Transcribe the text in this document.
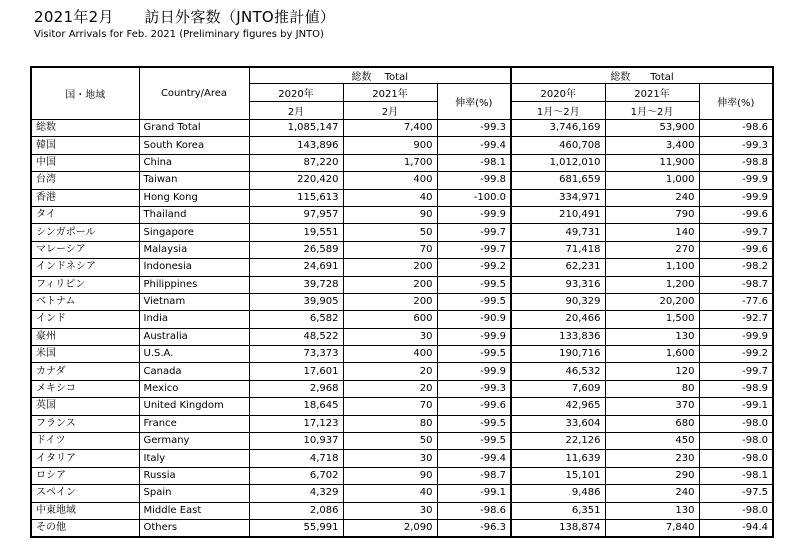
2021年2月　　訪日外客数（JNTO推計値）
Visitor Arrivals for Feb. 2021 (Preliminary figures by JNTO)
国・地域	Country/Area	総数　 Total			総数　　Total		
		2020年	2021年	伸率(%)	2020年	2021年	伸率(%)
		2月	2月		1月～2月	1月～2月	
総数	Grand Total	1,085,147	7,400	-99.3	3,746,169	53,900	-98.6
韓国	South Korea	143,896	900	-99.4	460,708	3,400	-99.3
中国	China	87,220	1,700	-98.1	1,012,010	11,900	-98.8
台湾	Taiwan	220,420	400	-99.8	681,659	1,000	-99.9
香港	Hong Kong	115,613	40	-100.0	334,971	240	-99.9
タイ	Thailand	97,957	90	-99.9	210,491	790	-99.6
シンガポール	Singapore	19,551	50	-99.7	49,731	140	-99.7
マレーシア	Malaysia	26,589	70	-99.7	71,418	270	-99.6
インドネシア	Indonesia	24,691	200	-99.2	62,231	1,100	-98.2
フィリピン	Philippines	39,728	200	-99.5	93,316	1,200	-98.7
ベトナム	Vietnam	39,905	200	-99.5	90,329	20,200	-77.6
インド	India	6,582	600	-90.9	20,466	1,500	-92.7
豪州	Australia	48,522	30	-99.9	133,836	130	-99.9
米国	U.S.A.	73,373	400	-99.5	190,716	1,600	-99.2
カナダ	Canada	17,601	20	-99.9	46,532	120	-99.7
メキシコ	Mexico	2,968	20	-99.3	7,609	80	-98.9
英国	United Kingdom	18,645	70	-99.6	42,965	370	-99.1
フランス	France	17,123	80	-99.5	33,604	680	-98.0
ドイツ	Germany	10,937	50	-99.5	22,126	450	-98.0
イタリア	Italy	4,718	30	-99.4	11,639	230	-98.0
ロシア	Russia	6,702	90	-98.7	15,101	290	-98.1
スペイン	Spain	4,329	40	-99.1	9,486	240	-97.5
中東地域	Middle East	2,086	30	-98.6	6,351	130	-98.0
その他	Others	55,991	2,090	-96.3	138,874	7,840	-94.4
